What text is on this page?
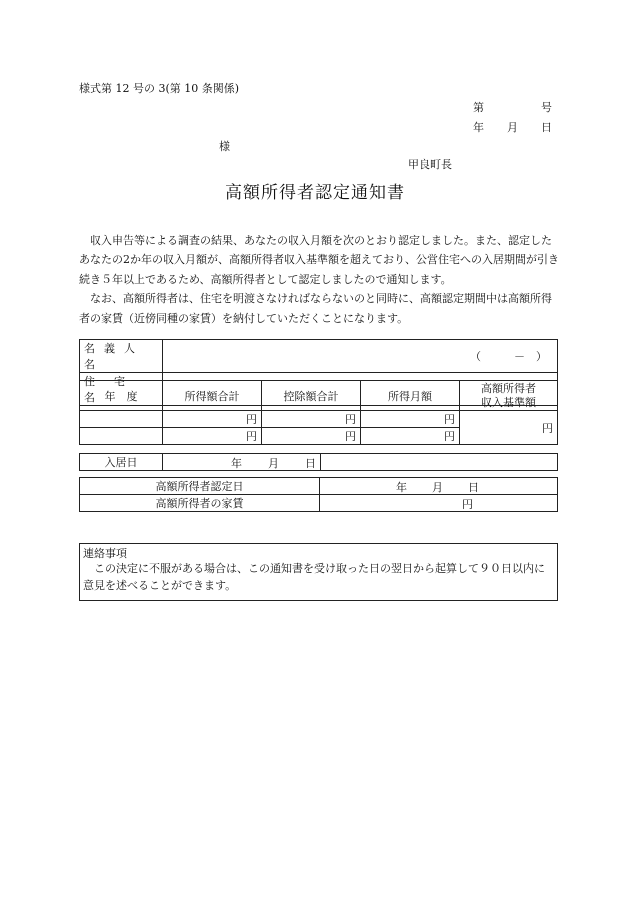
様式第 12 号の 3(第 10 条関係)
第	号
年 月 日
様
甲良町長
高額所得者認定通知書

収入申告等による調査の結果、あなたの収入月額を次のとおり認定しました。また、認定したあなたの2か年の収入月額が、高額所得者収入基準額を超えており、公営住宅への入居期間が引き続き５年以上であるため、高額所得者として認定しましたので通知します。

なお、高額所得者は、住宅を明渡さなければならないのと同時に、高額認定期間中は高額所得者の家賃（近傍同種の家賃）を納付していただくことになります。

名義人名	（　　　－　）
住宅名	
年　度	所得額合計	控除額合計	所得月額	高額所得者
収入基準額
	円	円	円	円
	円	円	円	
入居日	年 月 日

高額所得者認定日	年 月 日

高額所得者の家賃	円
連絡事項
この決定に不服がある場合は、この通知書を受け取った日の翌日から起算して９０日以内に意見を述べることができます。
